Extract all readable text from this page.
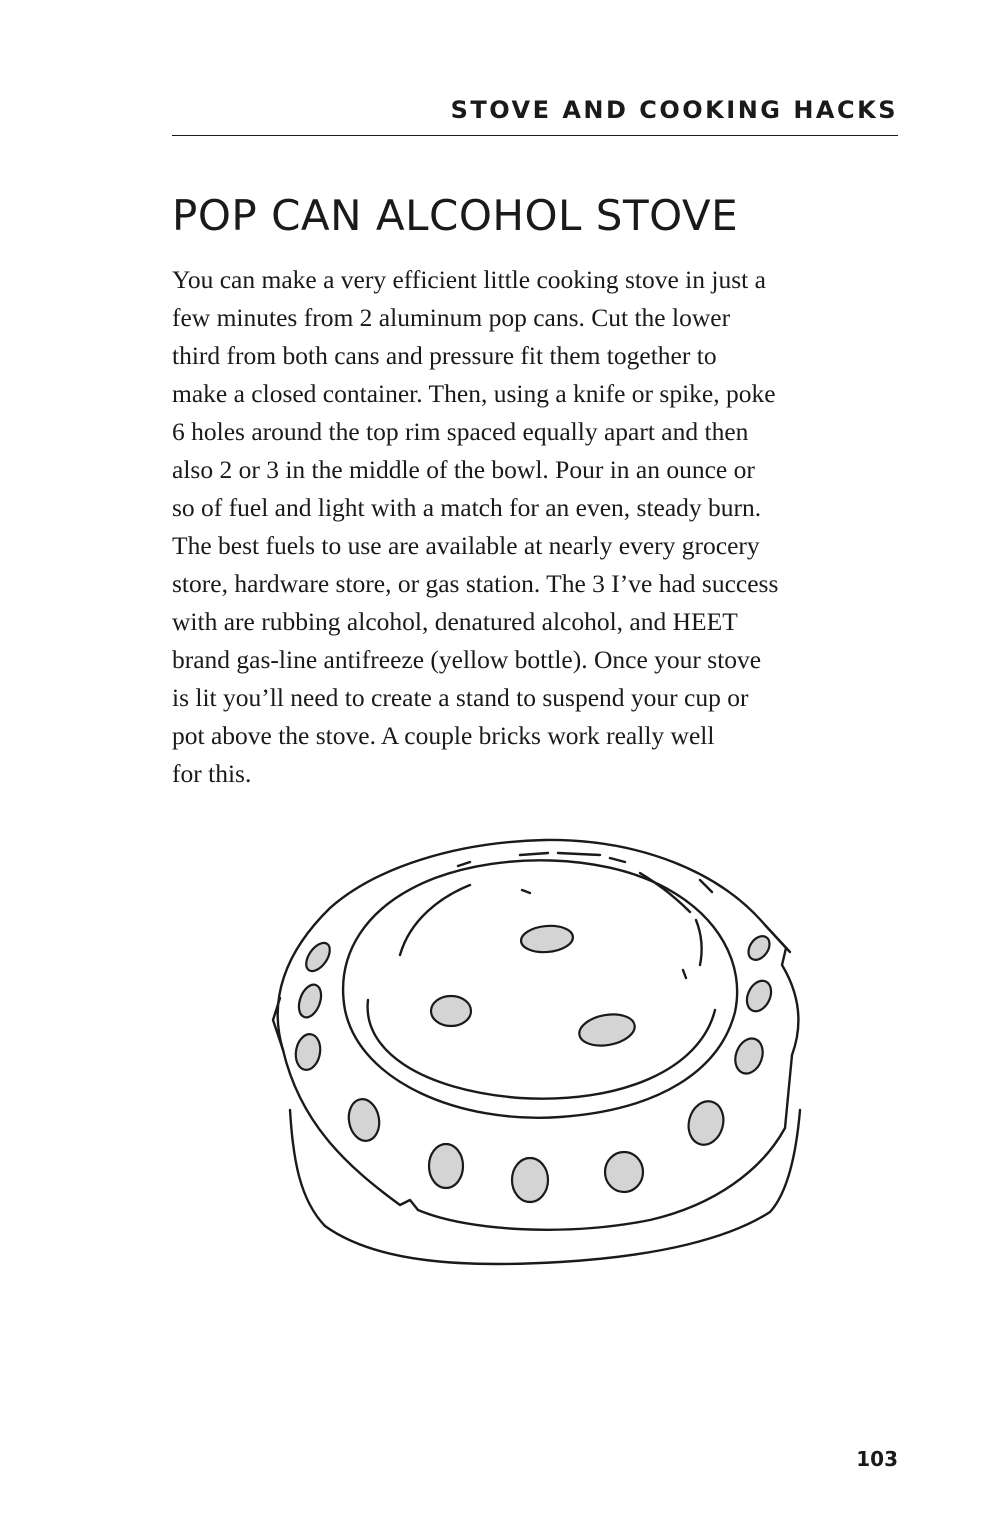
STOVE AND COOKING HACKS
POP CAN ALCOHOL STOVE
You can make a very efficient little cooking stove in just a
few minutes from 2 aluminum pop cans. Cut the lower
third from both cans and pressure fit them together to
make a closed container. Then, using a knife or spike, poke
6 holes around the top rim spaced equally apart and then
also 2 or 3 in the middle of the bowl. Pour in an ounce or
so of fuel and light with a match for an even, steady burn.
The best fuels to use are available at nearly every grocery
store, hardware store, or gas station. The 3 I’ve had success
with are rubbing alcohol, denatured alcohol, and HEET
brand gas-line antifreeze (yellow bottle). Once your stove
is lit you’ll need to create a stand to suspend your cup or
pot above the stove. A couple bricks work really well
for this.
103
